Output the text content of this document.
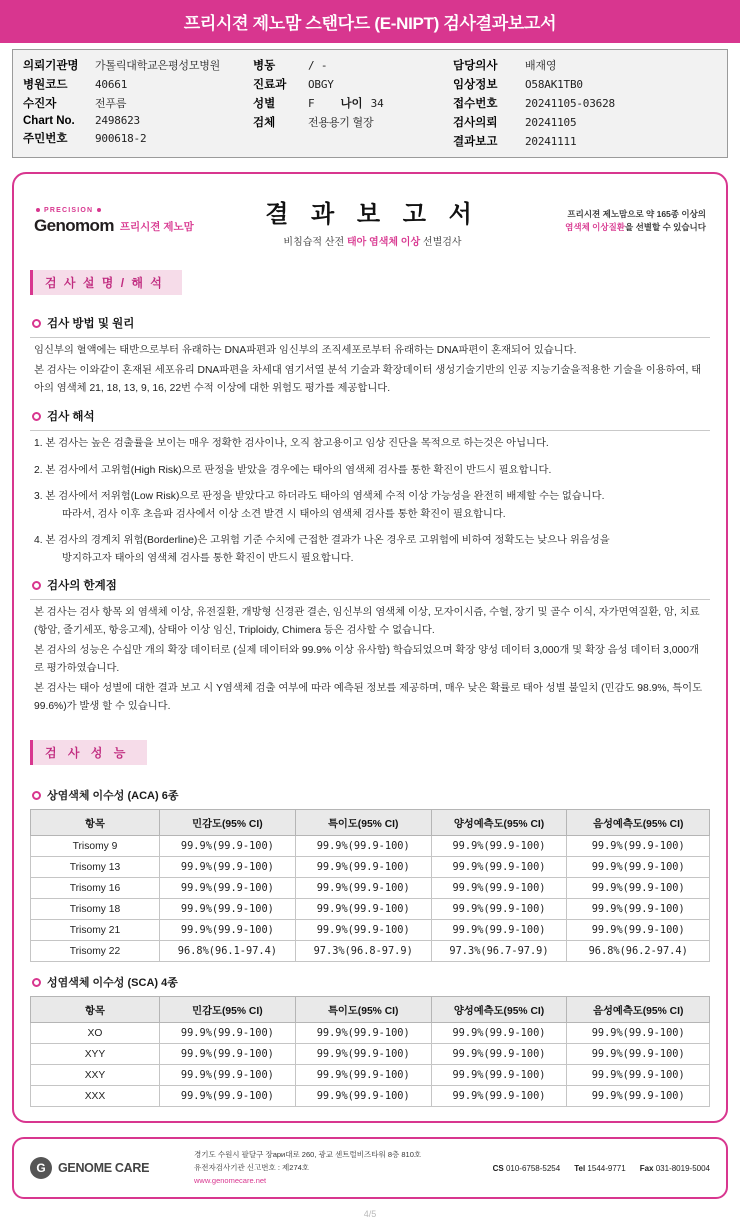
프리시젼 제노맘 스탠다드 (E-NIPT) 검사결과보고서
의뢰기관명	가톨릭대학교은평성모병원
병원코드	40661
수진자	전푸름
Chart No.	2498623
주민번호	900618-2
병동	/ -
진료과	OBGY
성별	F 나이 34
검체	전용용기 혈장
담당의사	배재영
임상정보	O58AK1TB0
접수번호	20241105-03628
검사의뢰	20241105
결과보고	20241111
PRECISION
Genomom 프리시젼 제노맘	결 과 보 고 서
비침습적 산전 태아 염색체 이상 선별검사
프리시젼 제노맘으로 약 165종 이상의
염색체 이상질환을 선별할 수 있습니다
검 사 설 명 / 해 석
검사 방법 및 원리
임신부의 혈액에는 태반으로부터 유래하는 DNA파편과 임신부의 조직세포로부터 유래하는 DNA파편이 혼재되어 있습니다.
본 검사는 이와같이 혼재된 세포유리 DNA파편을 차세대 염기서열 분석 기술과 확장데이터 생성기술기반의 인공 지능기술을적용한 기술을 이용하여, 태아의 염색체 21, 18, 13, 9, 16, 22번 수적 이상에 대한 위험도 평가를 제공합니다.
검사 해석
1. 본 검사는 높은 검출률을 보이는 매우 정확한 검사이나, 오직 참고용이고 임상 진단을 목적으로 하는것은 아닙니다.
2. 본 검사에서 고위험(High Risk)으로 판정을 받았을 경우에는 태아의 염색체 검사를 통한 확진이 반드시 필요합니다.
3. 본 검사에서 저위험(Low Risk)으로 판정을 받았다고 하더라도 태아의 염색체 수적 이상 가능성을 완전히 배제할 수는 없습니다.
따라서, 검사 이후 초음파 검사에서 이상 소견 발견 시 태아의 염색체 검사를 통한 확진이 필요합니다.
4. 본 검사의 경계치 위험(Borderline)은 고위험 기준 수치에 근접한 결과가 나온 경우로 고위험에 비하여 정확도는 낮으나 위음성을
방지하고자 태아의 염색체 검사를 통한 확진이 반드시 필요합니다.
검사의 한계점
본 검사는 검사 항목 외 염색체 이상, 유전질환, 개방형 신경관 결손, 임신부의 염색체 이상, 모자이시즘, 수혈, 장기 및 골수 이식, 자가면역질환, 암, 치료 (항암, 줄기세포, 항응고제), 삼태아 이상 임신, Triploidy, Chimera 등은 검사할 수 없습니다.
본 검사의 성능은 수십만 개의 확장 데이터로 (실제 데이터와 99.9% 이상 유사함) 학습되었으며 확장 양성 데이터 3,000개 및 확장 음성 데이터 3,000개로 평가하였습니다.
본 검사는 태아 성별에 대한 결과 보고 시 Y염색체 검출 여부에 따라 예측된 정보를 제공하며, 매우 낮은 확률로 태아 성별 불일치 (민감도 98.9%, 특이도 99.6%)가 발생 할 수 있습니다.
검 사 성 능
상염색체 이수성 (ACA) 6종
항목	민감도(95% CI)	특이도(95% CI)	양성예측도(95% CI)	음성예측도(95% CI)
Trisomy 9	99.9%(99.9-100)	99.9%(99.9-100)	99.9%(99.9-100)	99.9%(99.9-100)
Trisomy 13	99.9%(99.9-100)	99.9%(99.9-100)	99.9%(99.9-100)	99.9%(99.9-100)
Trisomy 16	99.9%(99.9-100)	99.9%(99.9-100)	99.9%(99.9-100)	99.9%(99.9-100)
Trisomy 18	99.9%(99.9-100)	99.9%(99.9-100)	99.9%(99.9-100)	99.9%(99.9-100)
Trisomy 21	99.9%(99.9-100)	99.9%(99.9-100)	99.9%(99.9-100)	99.9%(99.9-100)
Trisomy 22	96.8%(96.1-97.4)	97.3%(96.8-97.9)	97.3%(96.7-97.9)	96.8%(96.2-97.4)
성염색체 이수성 (SCA) 4종
항목	민감도(95% CI)	특이도(95% CI)	양성예측도(95% CI)	음성예측도(95% CI)
XO	99.9%(99.9-100)	99.9%(99.9-100)	99.9%(99.9-100)	99.9%(99.9-100)
XYY	99.9%(99.9-100)	99.9%(99.9-100)	99.9%(99.9-100)	99.9%(99.9-100)
XXY	99.9%(99.9-100)	99.9%(99.9-100)	99.9%(99.9-100)	99.9%(99.9-100)
XXX	99.9%(99.9-100)	99.9%(99.9-100)	99.9%(99.9-100)	99.9%(99.9-100)
G GENOME CARE
경기도 수원시 팔달구 장ари대로 260, 광교 센트럴비즈타워 8층 810호
유전자검사기관 신고번호 : 제274호
www.genomecare.net
CS 010-6758-5254 Tel 1544-9771 Fax 031-8019-5004
4/5
